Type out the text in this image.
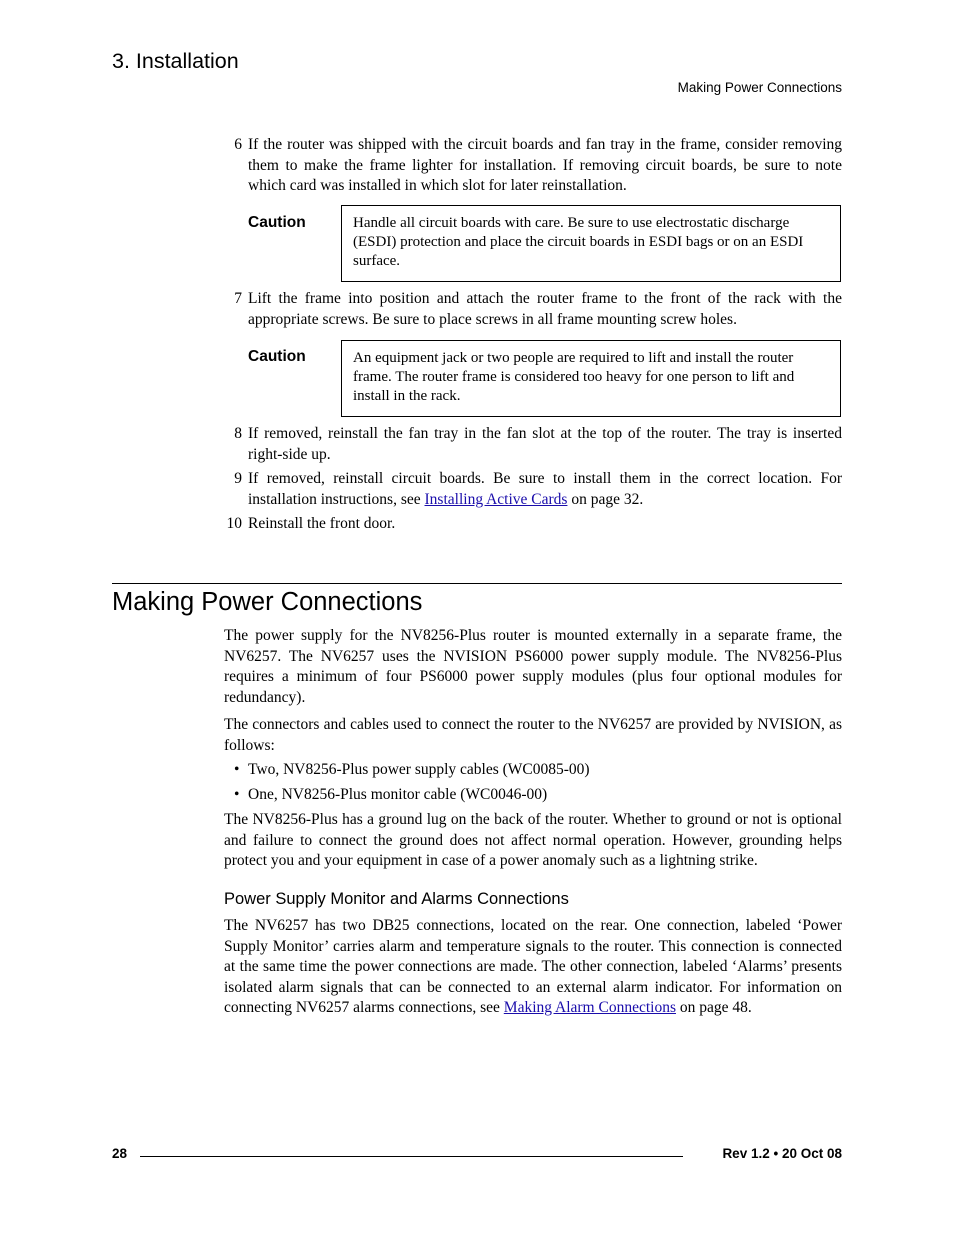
3. Installation
Making Power Connections
6 If the router was shipped with the circuit boards and fan tray in the frame, consider removing them to make the frame lighter for installation. If removing circuit boards, be sure to note which card was installed in which slot for later reinstallation.
Caution	Handle all circuit boards with care. Be sure to use electrostatic discharge (ESDI) protection and place the circuit boards in ESDI bags or on an ESDI surface.
7 Lift the frame into position and attach the router frame to the front of the rack with the appropriate screws. Be sure to place screws in all frame mounting screw holes.
Caution	An equipment jack or two people are required to lift and install the router frame. The router frame is considered too heavy for one person to lift and install in the rack.
8 If removed, reinstall the fan tray in the fan slot at the top of the router. The tray is inserted right-side up.
9 If removed, reinstall circuit boards. Be sure to install them in the correct location. For installation instructions, see Installing Active Cards on page 32.
10 Reinstall the front door.
Making Power Connections
The power supply for the NV8256-Plus router is mounted externally in a separate frame, the NV6257. The NV6257 uses the NVISION PS6000 power supply module. The NV8256-Plus requires a minimum of four PS6000 power supply modules (plus four optional modules for redundancy).
The connectors and cables used to connect the router to the NV6257 are provided by NVISION, as follows:
• Two, NV8256-Plus power supply cables (WC0085-00)
• One, NV8256-Plus monitor cable (WC0046-00)
The NV8256-Plus has a ground lug on the back of the router. Whether to ground or not is optional and failure to connect the ground does not affect normal operation. However, grounding helps protect you and your equipment in case of a power anomaly such as a lightning strike.
Power Supply Monitor and Alarms Connections
The NV6257 has two DB25 connections, located on the rear. One connection, labeled ‘Power Supply Monitor’ carries alarm and temperature signals to the router. This connection is connected at the same time the power connections are made. The other connection, labeled ‘Alarms’ presents isolated alarm signals that can be connected to an external alarm indicator. For information on connecting NV6257 alarms connections, see Making Alarm Connections on page 48.
28	Rev 1.2 • 20 Oct 08
